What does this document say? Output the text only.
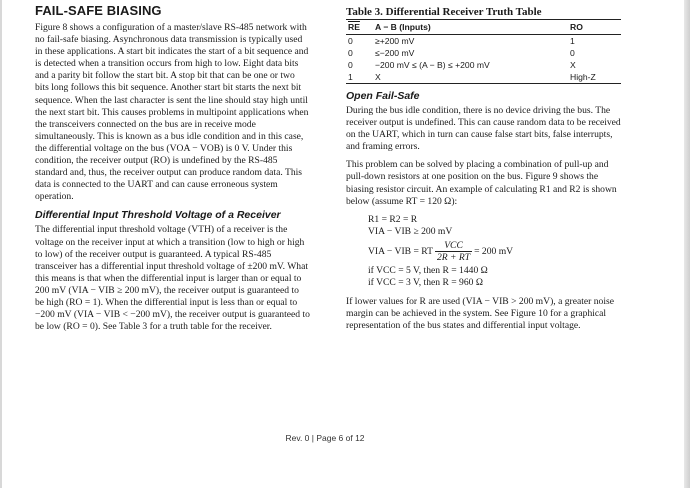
FAIL-SAFE BIASING

Figure 8 shows a configuration of a master/slave RS-485 network with no fail-safe biasing. Asynchronous data transmission is typically used in these applications. A start bit indicates the start of a bit sequence and is detected when a transition occurs from high to low. Eight data bits and a parity bit follow the start bit. A stop bit that can be one or two bits long follows this bit sequence. Another start bit starts the next bit sequence. When the last character is sent the line should stay high until the next start bit. This causes problems in multipoint applications when the transceivers connected on the bus are in receive mode simultaneously. This is known as a bus idle condition and in this case, the differential voltage on the bus (VOA − VOB) is 0 V. Under this condition, the receiver output (RO) is undefined by the RS-485 standard and, thus, the receiver output can produce random data. This data is connected to the UART and can cause erroneous system operation.

Differential Input Threshold Voltage of a Receiver

The differential input threshold voltage (VTH) of a receiver is the voltage on the receiver input at which a transition (low to high or high to low) of the receiver output is guaranteed. A typical RS-485 transceiver has a differential input threshold voltage of ±200 mV. What this means is that when the differential input is larger than or equal to 200 mV (VIA − VIB ≥ 200 mV), the receiver output is guaranteed to be high (RO = 1). When the differential input is less than or equal to −200 mV (VIA − VIB < −200 mV), the receiver output is guaranteed to be low (RO = 0). See Table 3 for a truth table for the receiver.

Table 3. Differential Receiver Truth Table
$\overline{RE}$	A − B (Inputs)	RO
0	≥+200 mV	1
0	≤−200 mV	0
0	−200 mV ≤ (A − B) ≤ +200 mV	X
1	X	High-Z
Open Fail-Safe

During the bus idle condition, there is no device driving the bus. The receiver output is undefined. This can cause random data to be received on the UART, which in turn can cause false start bits, false interrupts, and framing errors.

This problem can be solved by placing a combination of pull-up and pull-down resistors at one position on the bus. Figure 9 shows the biasing resistor circuit. An example of calculating R1 and R2 is shown below (assume RT = 120 Ω):

R1 = R2 = R
VIA − VIB ≥ 200 mV
VIA − VIB = RT $\frac{\text{VCC}}{2R + RT} = 200$ mV
if VCC = 5 V, then R = 1440 Ω
if VCC = 3 V, then R = 960 Ω

If lower values for R are used (VIA − VIB > 200 mV), a greater noise margin can be achieved in the system. See Figure 10 for a graphical representation of the bus states and differential input voltage.

Rev. 0 | Page 6 of 12
